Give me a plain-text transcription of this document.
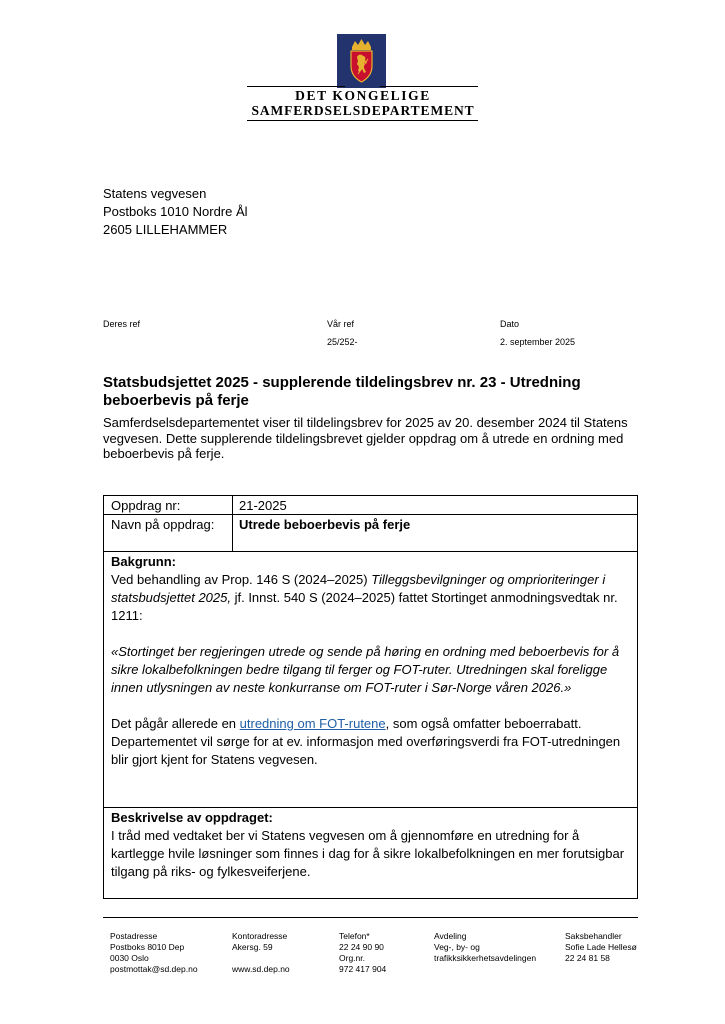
DET KONGELIGE
SAMFERDSELSDEPARTEMENT
Statens vegvesen
Postboks 1010 Nordre Ål
2605 LILLEHAMMER
Deres ref	Vår ref
25/252-
Dato
2. september 2025
Statsbudsjettet 2025 - supplerende tildelingsbrev nr. 23 - Utredning beboerbevis på ferje
Samferdselsdepartementet viser til tildelingsbrev for 2025 av 20. desember 2024 til Statens vegvesen. Dette supplerende tildelingsbrevet gjelder oppdrag om å utrede en ordning med beboerbevis på ferje.
Oppdrag nr:	21-2025
Navn på oppdrag: Utrede beboerbevis på ferje

Bakgrunn:

Ved behandling av Prop. 146 S (2024–2025) Tilleggsbevilgninger og omprioriteringer i statsbudsjettet 2025, jf. Innst. 540 S (2024–2025) fattet Stortinget anmodningsvedtak nr. 1211:

«Stortinget ber regjeringen utrede og sende på høring en ordning med beboerbevis for å sikre lokalbefolkningen bedre tilgang til ferger og FOT-ruter. Utredningen skal foreligge innen utlysningen av neste konkurranse om FOT-ruter i Sør-Norge våren 2026.»

Det pågår allerede en utredning om FOT-rutene, som også omfatter beboerrabatt. Departementet vil sørge for at ev. informasjon med overføringsverdi fra FOT-utredningen blir gjort kjent for Statens vegvesen.

Beskrivelse av oppdraget:

I tråd med vedtaket ber vi Statens vegvesen om å gjennomføre en utredning for å kartlegge hvile løsninger som finnes i dag for å sikre lokalbefolkningen en mer forutsigbar tilgang på riks- og fylkesveiferjene.

Postadresse
Postboks 8010 Dep
0030 Oslo
postmottak@sd.dep.no
Kontoradresse
Akersg. 59

www.sd.dep.no
Telefon*
22 24 90 90
Org.nr.
972 417 904
Avdeling
Veg-, by- og
trafikksikkerhetsavdelingen
Saksbehandler
Sofie Lade Hellesø
22 24 81 58
